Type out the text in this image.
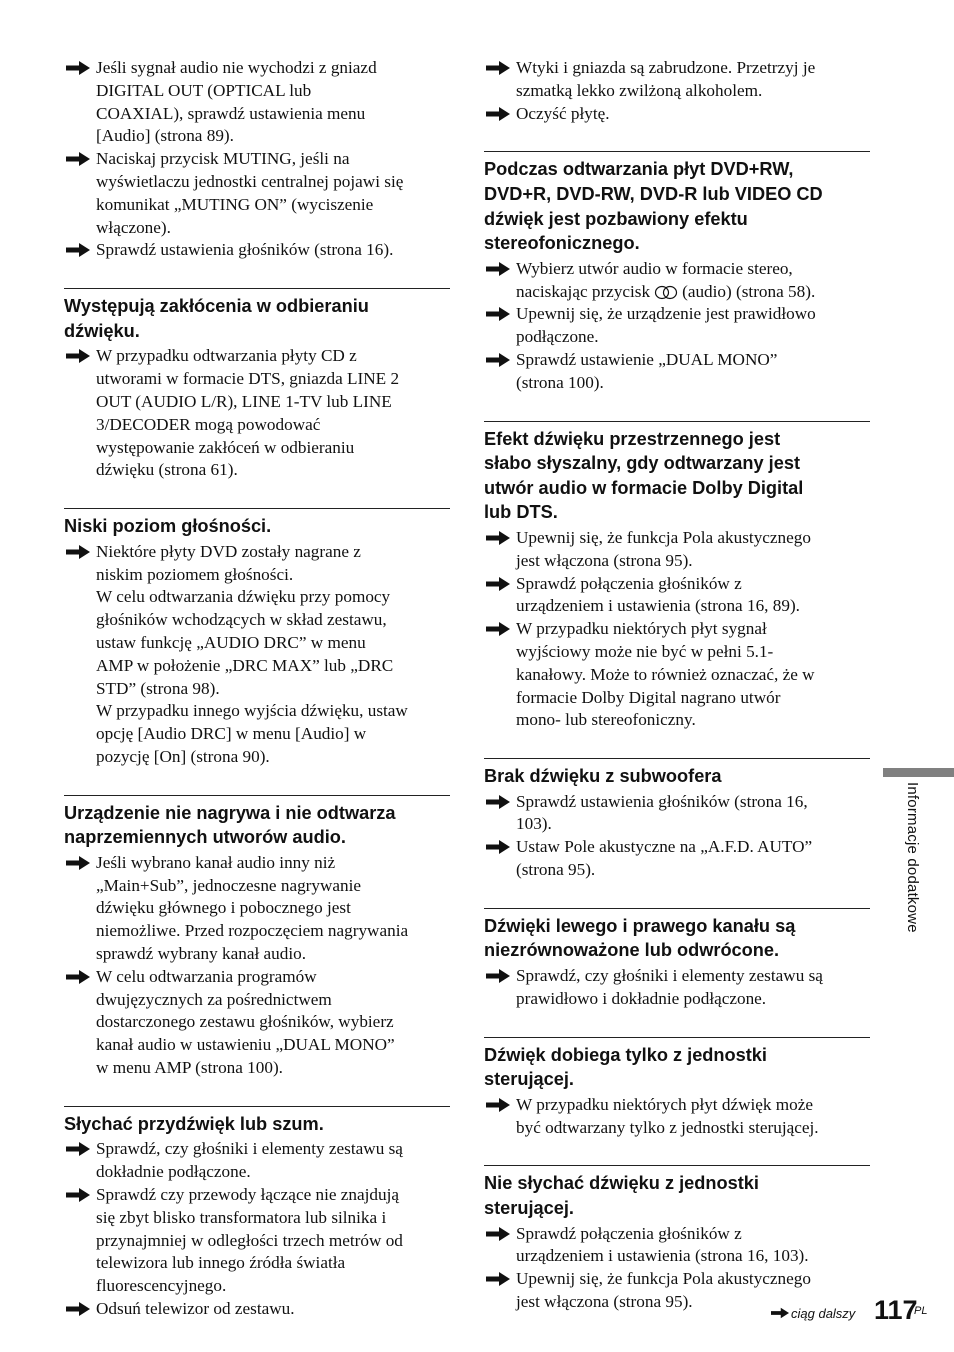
Jeśli sygnał audio nie wychodzi z gniazd
DIGITAL OUT (OPTICAL lub
COAXIAL), sprawdź ustawienia menu
[Audio] (strona 89).
Naciskaj przycisk MUTING, jeśli na
wyświetlaczu jednostki centralnej pojawi się
komunikat „MUTING ON” (wyciszenie
włączone).
Sprawdź ustawienia głośników (strona 16).
Występują zakłócenia w odbieraniu
dźwięku.
W przypadku odtwarzania płyty CD z
utworami w formacie DTS, gniazda LINE 2
OUT (AUDIO L/R), LINE 1-TV lub LINE
3/DECODER mogą powodować
występowanie zakłóceń w odbieraniu
dźwięku (strona 61).
Niski poziom głośności.
Niektóre płyty DVD zostały nagrane z
niskim poziomem głośności.
W celu odtwarzania dźwięku przy pomocy
głośników wchodzących w skład zestawu,
ustaw funkcję „AUDIO DRC” w menu
AMP w położenie „DRC MAX” lub „DRC
STD” (strona 98).
W przypadku innego wyjścia dźwięku, ustaw
opcję [Audio DRC] w menu [Audio] w
pozycję [On] (strona 90).
Urządzenie nie nagrywa i nie odtwarza
naprzemiennych utworów audio.
Jeśli wybrano kanał audio inny niż
„Main+Sub”, jednoczesne nagrywanie
dźwięku głównego i pobocznego jest
niemożliwe. Przed rozpoczęciem nagrywania
sprawdź wybrany kanał audio.
W celu odtwarzania programów
dwujęzycznych za pośrednictwem
dostarczonego zestawu głośników, wybierz
kanał audio w ustawieniu „DUAL MONO”
w menu AMP (strona 100).
Słychać przydźwięk lub szum.
Sprawdź, czy głośniki i elementy zestawu są
dokładnie podłączone.
Sprawdź czy przewody łączące nie znajdują
się zbyt blisko transformatora lub silnika i
przynajmniej w odległości trzech metrów od
telewizora lub innego źródła światła
fluorescencyjnego.
Odsuń telewizor od zestawu.
Wtyki i gniazda są zabrudzone. Przetrzyj je
szmatką lekko zwilżoną alkoholem.
Oczyść płytę.
Podczas odtwarzania płyt DVD+RW,
DVD+R, DVD-RW, DVD-R lub VIDEO CD
dźwięk jest pozbawiony efektu
stereofonicznego.
Wybierz utwór audio w formacie stereo,
naciskając przycisk (audio) (strona 58).
Upewnij się, że urządzenie jest prawidłowo
podłączone.
Sprawdź ustawienie „DUAL MONO”
(strona 100).
Efekt dźwięku przestrzennego jest
słabo słyszalny, gdy odtwarzany jest
utwór audio w formacie Dolby Digital
lub DTS.
Upewnij się, że funkcja Pola akustycznego
jest włączona (strona 95).
Sprawdź połączenia głośników z
urządzeniem i ustawienia (strona 16, 89).
W przypadku niektórych płyt sygnał
wyjściowy może nie być w pełni 5.1-
kanałowy. Może to również oznaczać, że w
formacie Dolby Digital nagrano utwór
mono- lub stereofoniczny.
Brak dźwięku z subwoofera
Sprawdź ustawienia głośników (strona 16,
103).
Ustaw Pole akustyczne na „A.F.D. AUTO”
(strona 95).
Dźwięki lewego i prawego kanału są
niezrównoważone lub odwrócone.
Sprawdź, czy głośniki i elementy zestawu są
prawidłowo i dokładnie podłączone.
Dźwięk dobiega tylko z jednostki
sterującej.
W przypadku niektórych płyt dźwięk może
być odtwarzany tylko z jednostki sterującej.
Nie słychać dźwięku z jednostki
sterującej.
Sprawdź połączenia głośników z
urządzeniem i ustawienia (strona 16, 103).
Upewnij się, że funkcja Pola akustycznego
jest włączona (strona 95).
Informacje dodatkowe
ciąg dalszy 117
PL
